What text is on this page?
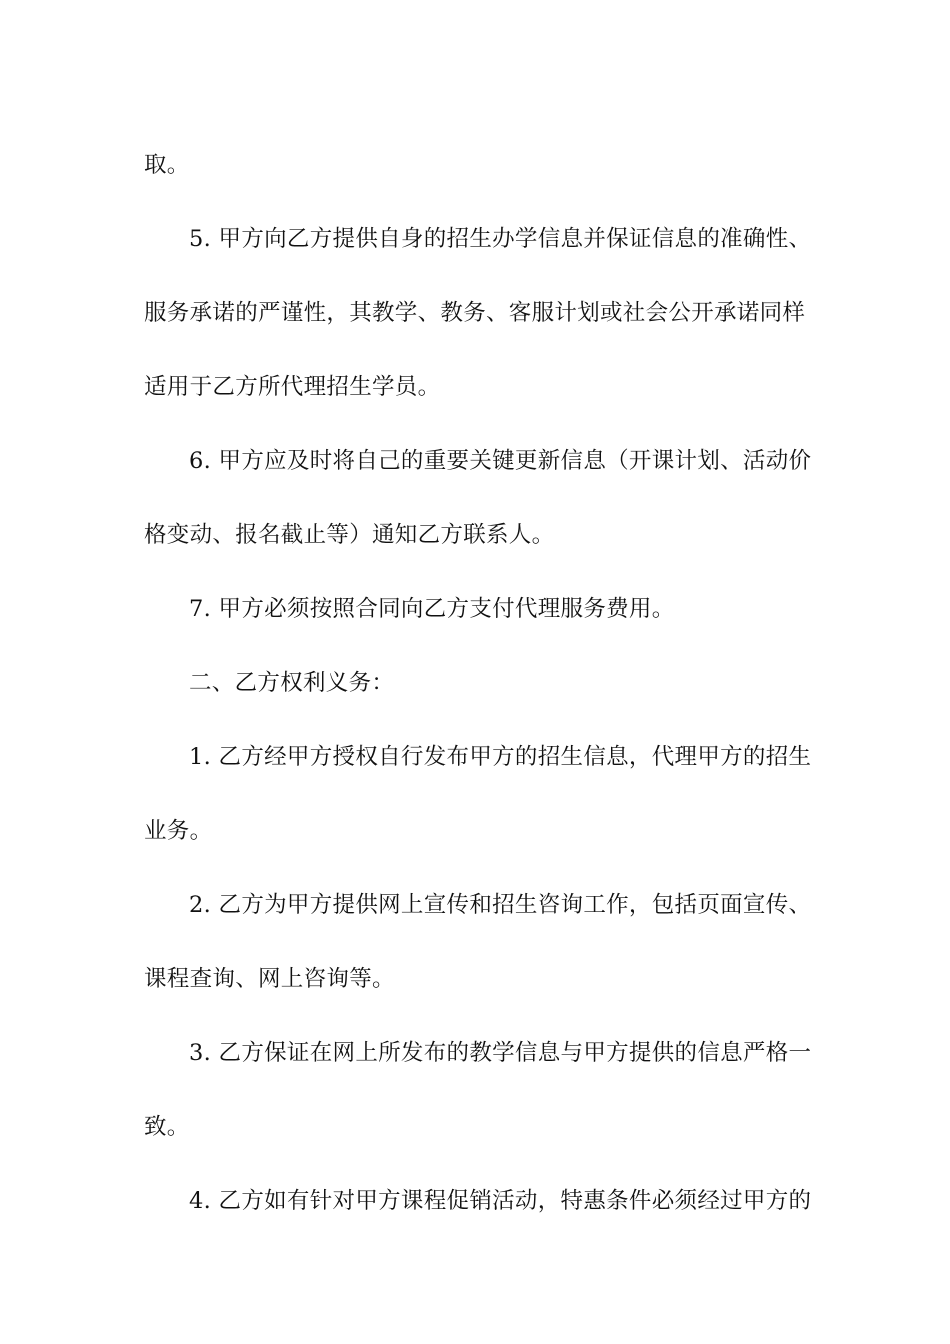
取。
5. 甲方向乙方提供自身的招生办学信息并保证信息的准确性、
服务承诺的严谨性，其教学、教务、客服计划或社会公开承诺同样
适用于乙方所代理招生学员。
6. 甲方应及时将自己的重要关键更新信息（开课计划、活动价
格变动、报名截止等）通知乙方联系人。
7. 甲方必须按照合同向乙方支付代理服务费用。
二、乙方权利义务：
1. 乙方经甲方授权自行发布甲方的招生信息，代理甲方的招生
业务。
2. 乙方为甲方提供网上宣传和招生咨询工作，包括页面宣传、
课程查询、网上咨询等。
3. 乙方保证在网上所发布的教学信息与甲方提供的信息严格一
致。
4. 乙方如有针对甲方课程促销活动，特惠条件必须经过甲方的
